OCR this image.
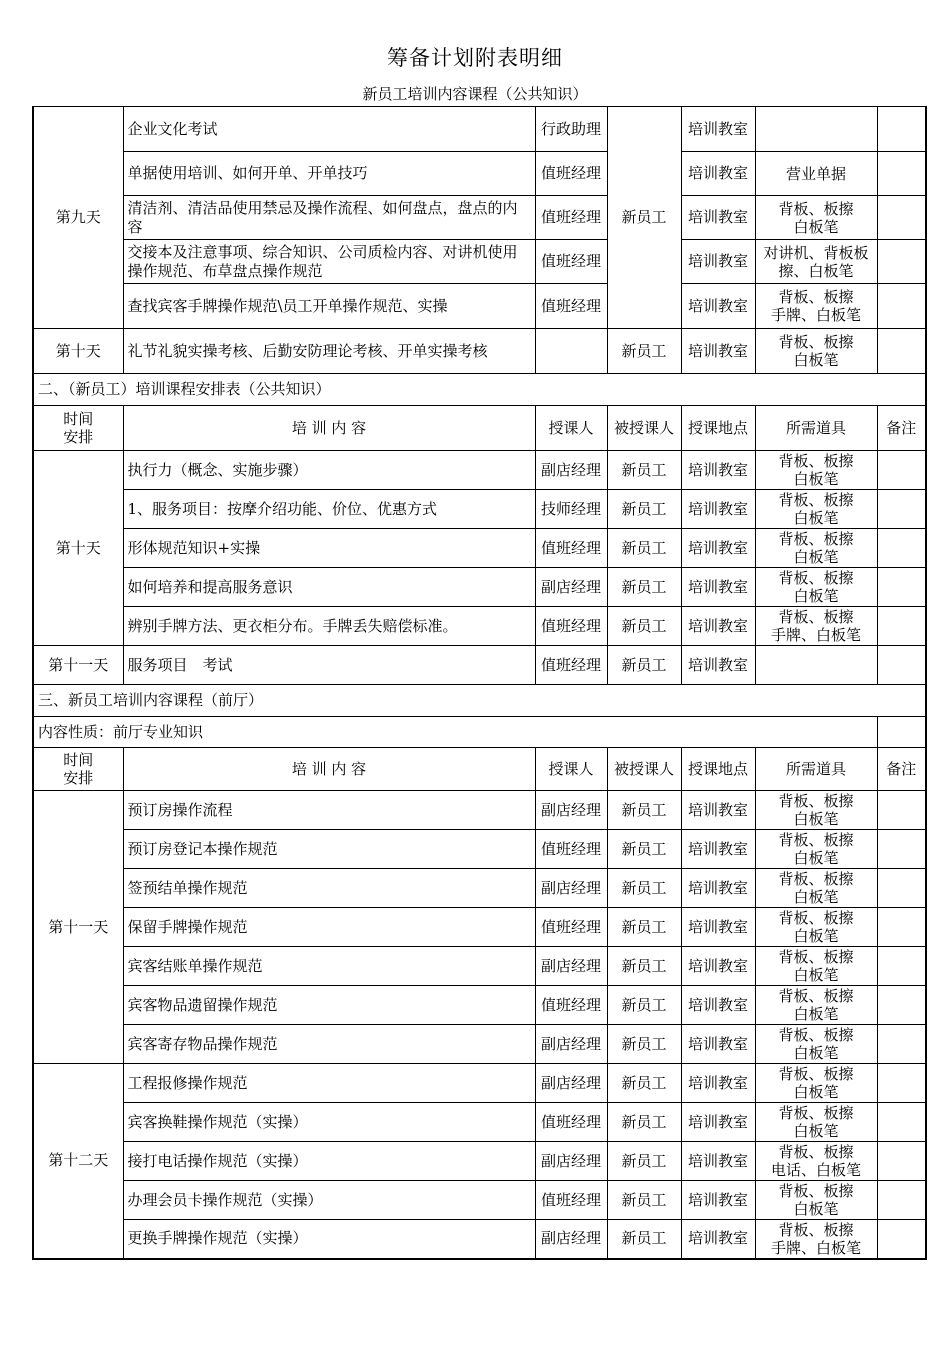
筹备计划附表明细
新员工培训内容课程（公共知识）
第九天	企业文化考试	行政助理	新员工	培训教室		
	单据使用培训、如何开单、开单技巧	值班经理		培训教室	营业单据	
	清洁剂、清洁品使用禁忌及操作流程、如何盘点，盘点的内容	值班经理		培训教室	背板、板擦
白板笔	
	交接本及注意事项、综合知识、公司质检内容、对讲机使用操作规范、布草盘点操作规范	值班经理		培训教室	对讲机、背板板擦、白板笔	
	查找宾客手牌操作规范\员工开单操作规范、实操	值班经理		培训教室	背板、板擦
手牌、白板笔	
第十天	礼节礼貌实操考核、后勤安防理论考核、开单实操考核		新员工	培训教室	背板、板擦
白板笔	
二、（新员工）培训课程安排表（公共知识）						
时间
安排	培 训 内 容	授课人	被授课人	授课地点	所需道具	备注
第十天	执行力（概念、实施步骤）	副店经理	新员工	培训教室	背板、板擦
白板笔	
	1、服务项目：按摩介绍功能、价位、优惠方式	技师经理	新员工	培训教室	背板、板擦
白板笔	
	形体规范知识+实操	值班经理	新员工	培训教室	背板、板擦
白板笔	
	如何培养和提高服务意识	副店经理	新员工	培训教室	背板、板擦
白板笔	
	辨别手牌方法、更衣柜分布。手牌丢失赔偿标准。	值班经理	新员工	培训教室	背板、板擦
手牌、白板笔	
第十一天	服务项目　考试	值班经理	新员工	培训教室		
三、新员工培训内容课程（前厅）						
内容性质：前厅专业知识						
时间
安排	培 训 内 容	授课人	被授课人	授课地点	所需道具	备注
第十一天	预订房操作流程	副店经理	新员工	培训教室	背板、板擦
白板笔	
	预订房登记本操作规范	值班经理	新员工	培训教室	背板、板擦
白板笔	
	签预结单操作规范	副店经理	新员工	培训教室	背板、板擦
白板笔	
	保留手牌操作规范	值班经理	新员工	培训教室	背板、板擦
白板笔	
	宾客结账单操作规范	副店经理	新员工	培训教室	背板、板擦
白板笔	
	宾客物品遗留操作规范	值班经理	新员工	培训教室	背板、板擦
白板笔	
	宾客寄存物品操作规范	副店经理	新员工	培训教室	背板、板擦
白板笔	
第十二天	工程报修操作规范	副店经理	新员工	培训教室	背板、板擦
白板笔	
	宾客换鞋操作规范（实操）	值班经理	新员工	培训教室	背板、板擦
白板笔	
	接打电话操作规范（实操）	副店经理	新员工	培训教室	背板、板擦
电话、白板笔	
	办理会员卡操作规范（实操）	值班经理	新员工	培训教室	背板、板擦
白板笔	
	更换手牌操作规范（实操）	副店经理	新员工	培训教室	背板、板擦
手牌、白板笔	
